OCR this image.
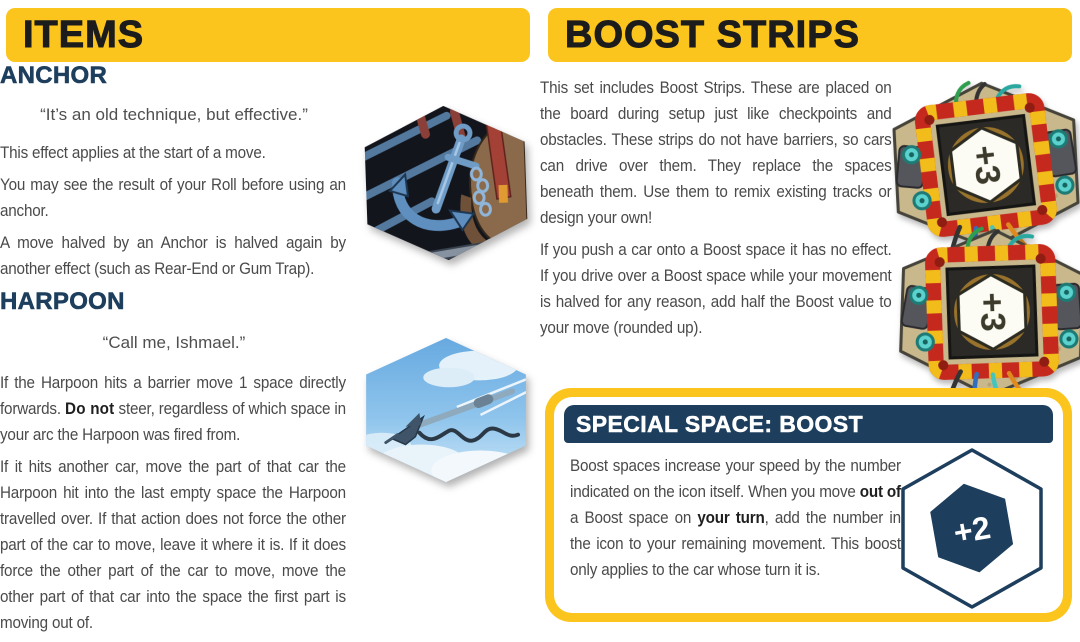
ITEMS
ANCHOR
“It’s an old technique, but effective.”

This effect applies at the start of a move.

You may see the result of your Roll before using an anchor.

A move halved by an Anchor is halved again by another effect (such as Rear-End or Gum Trap).

HARPOON
“Call me, Ishmael.”

If the Harpoon hits a barrier move 1 space directly forwards. Do not steer, regardless of which space in your arc the Harpoon was fired from.

If it hits another car, move the part of that car the Harpoon hit into the last empty space the Harpoon travelled over. If that action does not force the other part of the car to move, leave it where it is. If it does force the other part of the car to move, move the other part of that car into the space the first part is moving out of.

+3
+3
BOOST STRIPS

This set includes Boost Strips. These are placed on the board during setup just like checkpoints and obstacles. These strips do not have barriers, so cars can drive over them. They replace the spaces beneath them. Use them to remix existing tracks or design your own!

If you push a car onto a Boost space it has no effect. If you drive over a Boost space while your movement is halved for any reason, add half the Boost value to your move (rounded up).

SPECIAL SPACE: BOOST
Boost spaces increase your speed by the number indicated on the icon itself. When you move out of a Boost space on your turn, add the number in the icon to your remaining movement. This boost only applies to the car whose turn it is.
+2
